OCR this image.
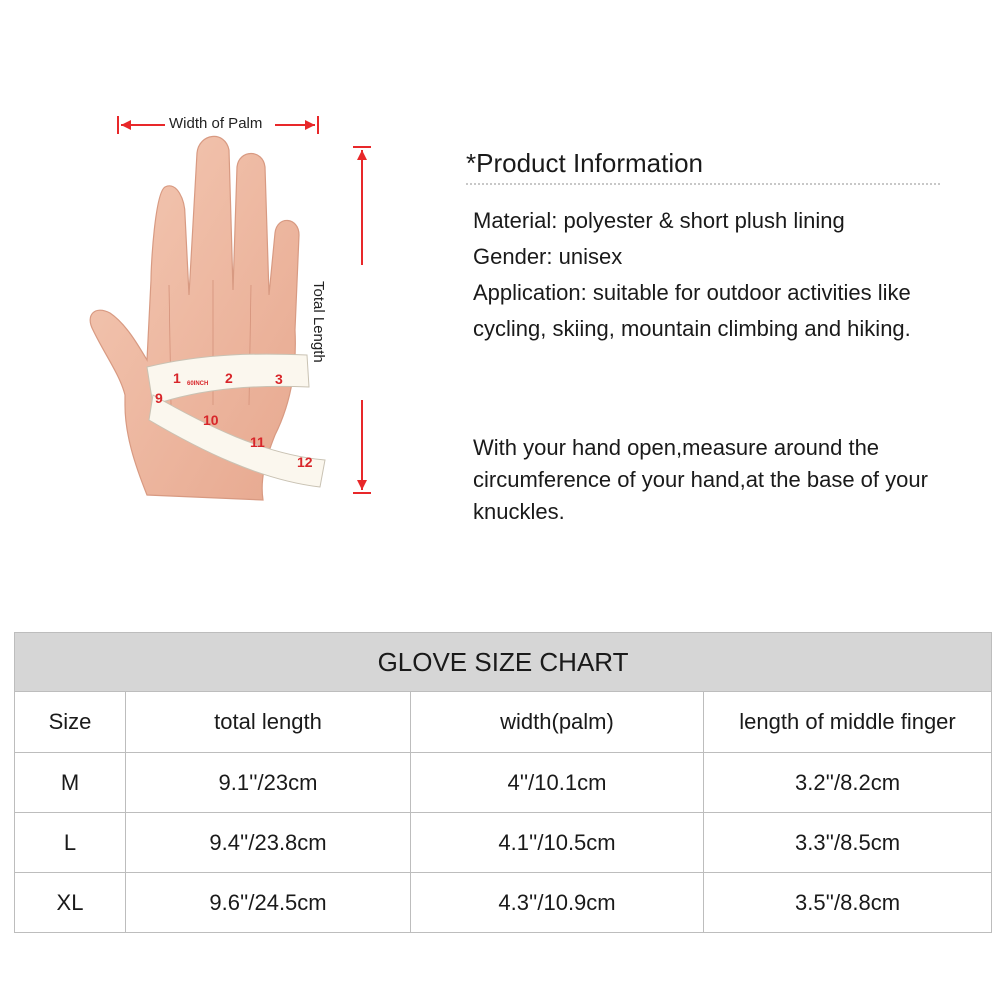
1	2	3
9
10
11
12
60INCH
Width of Palm
Total Length
*Product Information
Material: polyester & short plush lining
Gender: unisex
Application: suitable for outdoor activities like
cycling, skiing, mountain climbing and hiking.
With your hand open,measure around the circumference of your hand,at the base of your knuckles.
GLOVE SIZE CHART			
Size	total length	width(palm)	length of middle finger
M	9.1''/23cm	4''/10.1cm	3.2''/8.2cm
L	9.4''/23.8cm	4.1''/10.5cm	3.3''/8.5cm
XL	9.6''/24.5cm	4.3''/10.9cm	3.5''/8.8cm
